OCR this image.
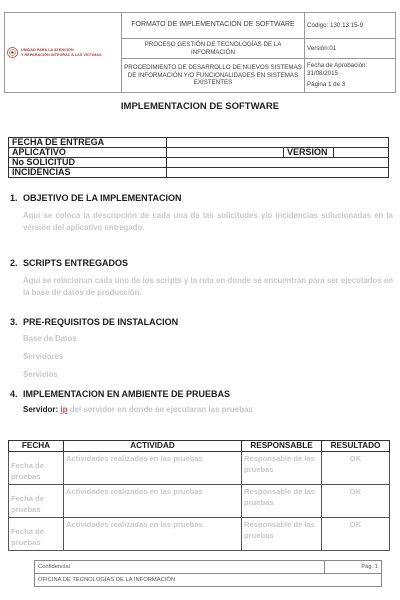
UNIDAD PARA LA ATENCIÓN
Y REPARACIÓN INTEGRAL A LAS VÍCTIMAS	FORMATO DE IMPLEMENTACIÓN DE SOFTWARE	Código: 130.13.15-9
	PROCESO GESTIÓN DE TECNOLOGÍAS DE LA INFORMACIÓN	Versión:01
	PROCEDIMIENTO DE DESARROLLO DE NUEVOS SISTEMAS DE INFORMACIÓN Y/O FUNCIONALIDADES EN SISTEMAS EXISTENTES	Fecha de Aprobación: 31/08/2015
Página 1 de 3
IMPLEMENTACION DE SOFTWARE
FECHA DE ENTREGA			
APLICATIVO		VERSION	
No SOLICITUD			
INCIDENCIAS			
1. OBJETIVO DE LA IMPLEMENTACION
Aquí se coloca la descripción de cada una de las solicitudes y/o incidencias solucionadas en la versión del aplicativo entregado.
2. SCRIPTS ENTREGADOS
Aquí se relacionan cada uno de los scripts y la ruta en donde se encuentran para ser ejecutados en la base de datos de producción.
3. PRE-REQUISITOS DE INSTALACION
Base de Datos
Servidores
Servicios
4. IMPLEMENTACION EN AMBIENTE DE PRUEBAS
Servidor: ip del servidor en donde se ejecutaran las pruebas
FECHA	ACTIVIDAD	RESPONSABLE	RESULTADO
Fecha de pruebas	Actividades realizadas en las pruebas	Responsable de las pruebas	OK
Fecha de pruebas	Actividades realizadas en las pruebas	Responsable de las pruebas	OK
Fecha de pruebas	Actividades realizadas en las pruebas	Responsable de las pruebas	OK
Confidencial	Pág. 1
OFICINA DE TECNOLOGÍAS DE LA INFORMACIÓN
